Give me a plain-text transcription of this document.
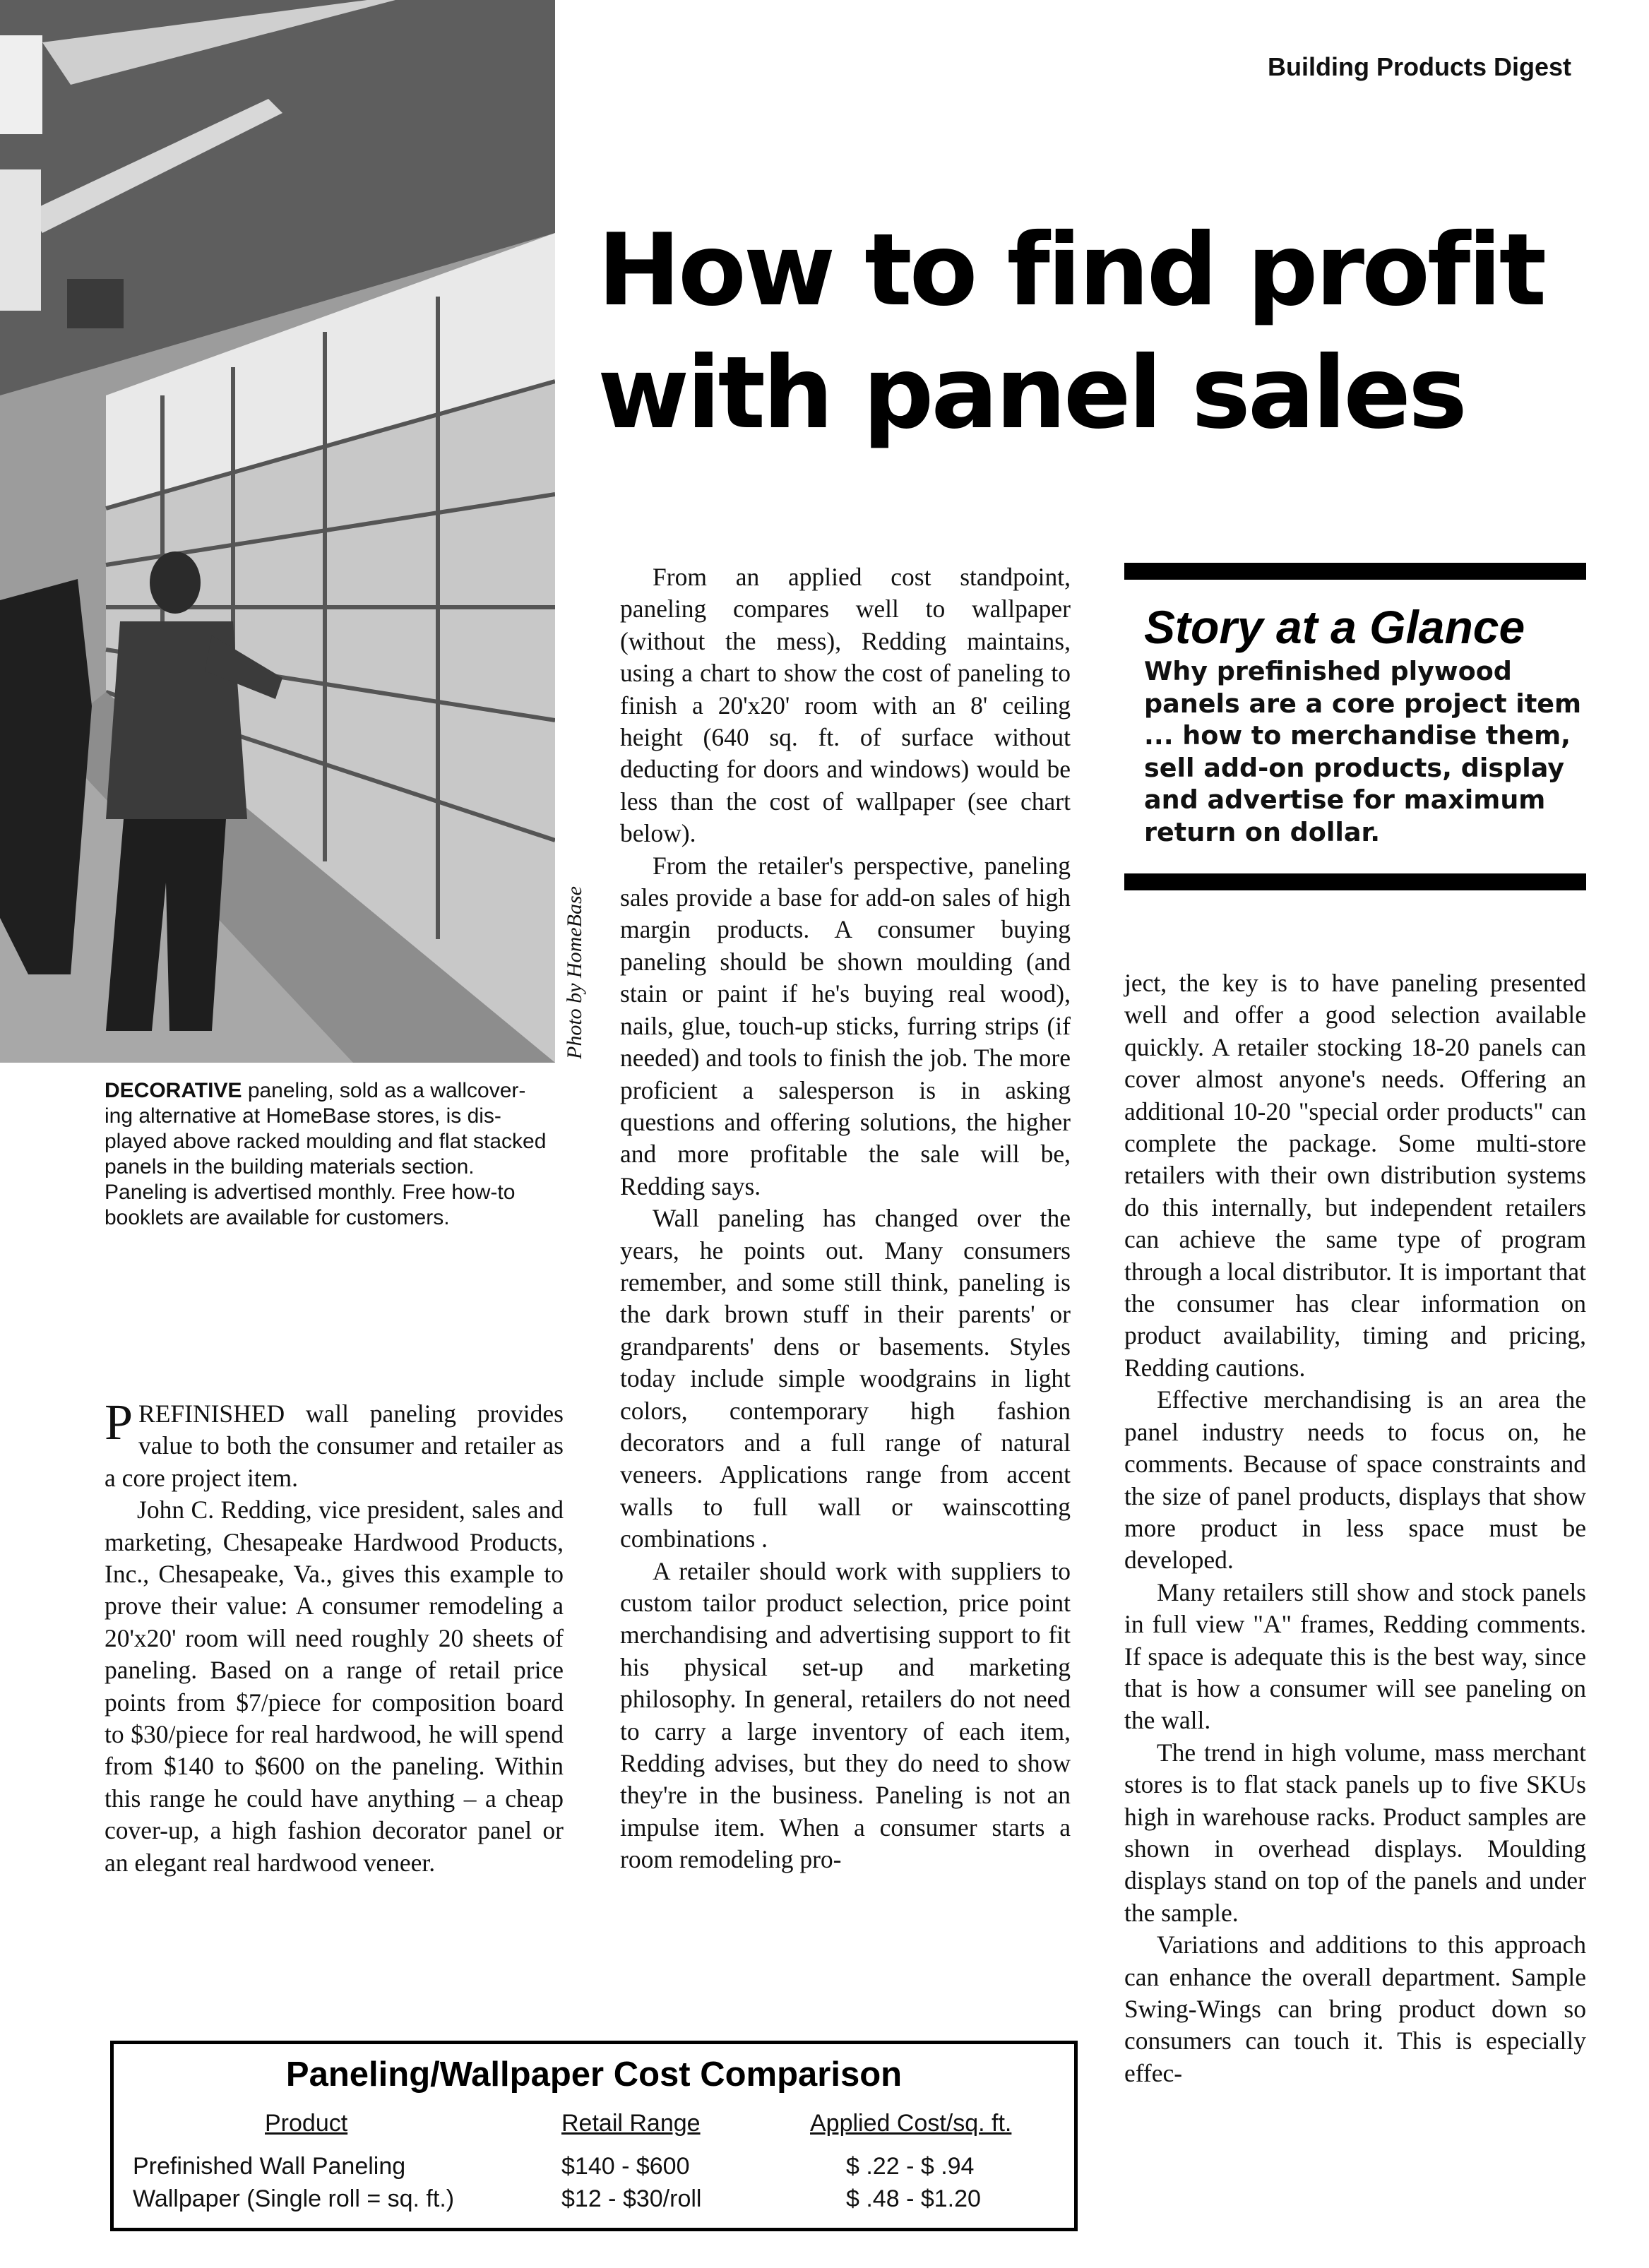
Photo by HomeBase
Building Products Digest
How to find profit
with panel sales

DECORATIVE paneling, sold as a wallcover-
ing alternative at HomeBase stores, is dis-
played above racked moulding and flat stacked
panels in the building materials section.
Paneling is advertised monthly. Free how-to
booklets are available for customers.

Story at a Glance

Why prefinished plywood panels are a core project item ... how to merchandise them, sell add-on products, display and advertise for maximum return on dollar.

PREFINISHED wall paneling provides value to both the consumer and retailer as a core project item.

John C. Redding, vice president, sales and marketing, Chesapeake Hardwood Products, Inc., Chesapeake, Va., gives this example to prove their value: A consumer remodeling a 20'x20' room will need roughly 20 sheets of paneling. Based on a range of retail price points from $7/piece for composition board to $30/piece for real hardwood, he will spend from $140 to $600 on the paneling. Within this range he could have anything – a cheap cover-up, a high fashion decorator panel or an elegant real hardwood veneer.

From an applied cost standpoint, paneling compares well to wallpaper (without the mess), Redding maintains, using a chart to show the cost of paneling to finish a 20'x20' room with an 8' ceiling height (640 sq. ft. of surface without deducting for doors and windows) would be less than the cost of wallpaper (see chart below).

From the retailer's perspective, paneling sales provide a base for add-on sales of high margin products. A consumer buying paneling should be shown moulding (and stain or paint if he's buying real wood), nails, glue, touch-up sticks, furring strips (if needed) and tools to finish the job. The more proficient a salesperson is in asking questions and offering solutions, the higher and more profitable the sale will be, Redding says.

Wall paneling has changed over the years, he points out. Many consumers remember, and some still think, paneling is the dark brown stuff in their parents' or grandparents' dens or basements. Styles today include simple woodgrains in light colors, contemporary high fashion decorators and a full range of natural veneers. Applications range from accent walls to full wall or wainscotting combinations .

A retailer should work with suppliers to custom tailor product selection, price point merchandising and advertising support to fit his physical set-up and marketing philosophy. In general, retailers do not need to carry a large inventory of each item, Redding advises, but they do need to show they're in the business. Paneling is not an impulse item. When a consumer starts a room remodeling pro-

ject, the key is to have paneling presented well and offer a good selection available quickly. A retailer stocking 18-20 panels can cover almost anyone's needs. Offering an additional 10-20 "special order products" can complete the package. Some multi-store retailers with their own distribution systems do this internally, but independent retailers can achieve the same type of program through a local distributor. It is important that the consumer has clear information on product availability, timing and pricing, Redding cautions.

Effective merchandising is an area the panel industry needs to focus on, he comments. Because of space constraints and the size of panel products, displays that show more product in less space must be developed.

Many retailers still show and stock panels in full view "A" frames, Redding comments. If space is adequate this is the best way, since that is how a consumer will see paneling on the wall.

The trend in high volume, mass merchant stores is to flat stack panels up to five SKUs high in warehouse racks. Product samples are shown in overhead displays. Moulding displays stand on top of the panels and under the sample.

Variations and additions to this approach can enhance the overall department. Sample Swing-Wings can bring product down so consumers can touch it. This is especially effec-

Paneling/Wallpaper Cost Comparison
Product	Retail Range	Applied Cost/sq. ft.
Prefinished Wall Paneling	$140 - $600	$ .22 - $ .94
Wallpaper (Single roll = sq. ft.)	$12 - $30/roll	$ .48 - $1.20
